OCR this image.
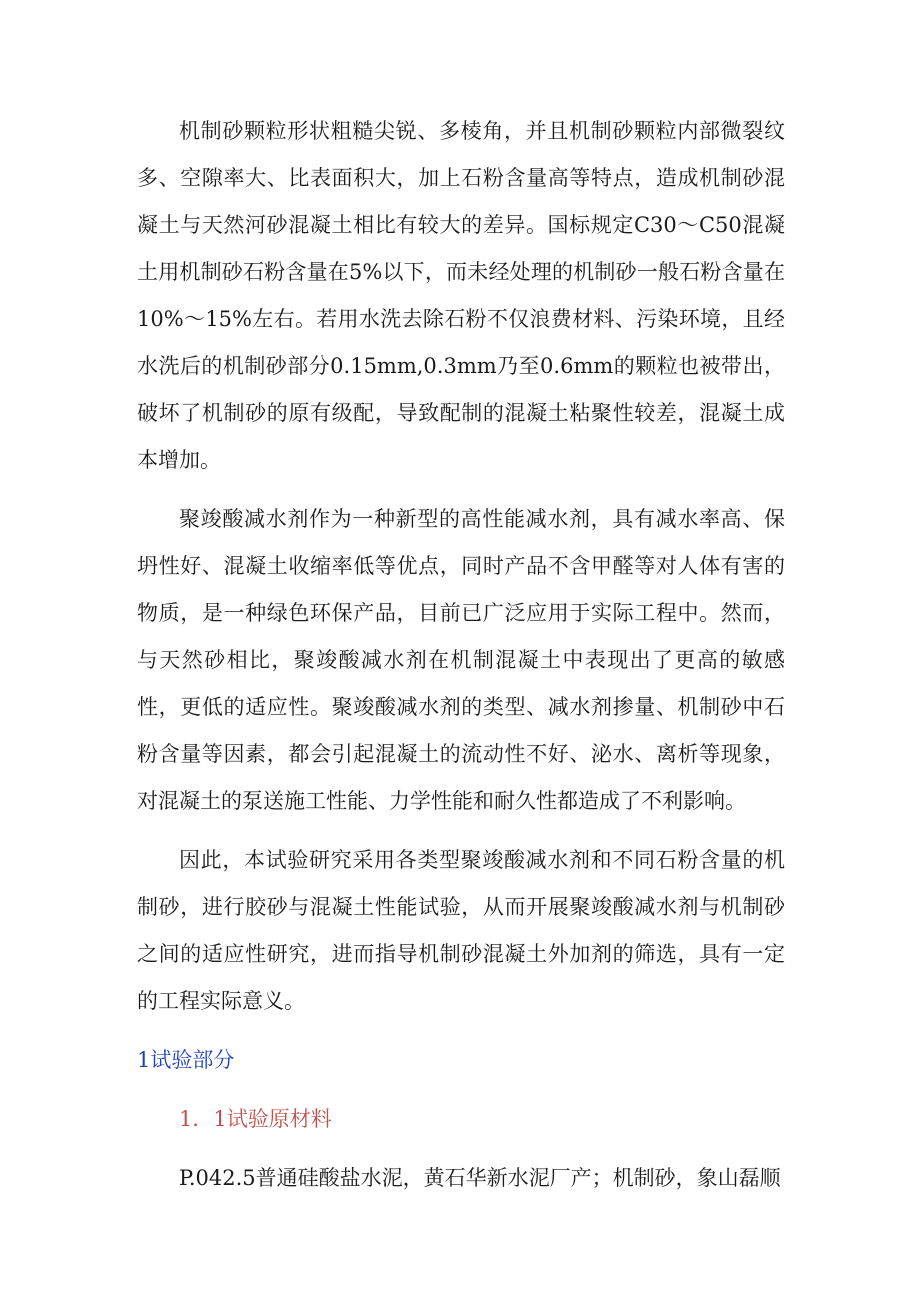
机制砂颗粒形状粗糙尖锐、多棱角，并且机制砂颗粒内部微裂纹多、空隙率大、比表面积大，加上石粉含量高等特点，造成机制砂混凝土与天然河砂混凝土相比有较大的差异。国标规定C30～C50混凝土用机制砂石粉含量在5%以下，而未经处理的机制砂一般石粉含量在10%～15%左右。若用水洗去除石粉不仅浪费材料、污染环境，且经水洗后的机制砂部分0.15mm,0.3mm乃至0.6mm的颗粒也被带出，破坏了机制砂的原有级配，导致配制的混凝土粘聚性较差，混凝土成本增加。

聚竣酸减水剂作为一种新型的高性能减水剂，具有减水率高、保坍性好、混凝土收缩率低等优点，同时产品不含甲醛等对人体有害的物质，是一种绿色环保产品，目前已广泛应用于实际工程中。然而，与天然砂相比，聚竣酸减水剂在机制混凝土中表现出了更高的敏感性，更低的适应性。聚竣酸减水剂的类型、减水剂掺量、机制砂中石粉含量等因素，都会引起混凝土的流动性不好、泌水、离析等现象，对混凝土的泵送施工性能、力学性能和耐久性都造成了不利影响。

因此，本试验研究采用各类型聚竣酸减水剂和不同石粉含量的机制砂，进行胶砂与混凝土性能试验，从而开展聚竣酸减水剂与机制砂之间的适应性研究，进而指导机制砂混凝土外加剂的筛选，具有一定的工程实际意义。

1试验部分
1．1试验原材料

P.042.5普通硅酸盐水泥，黄石华新水泥厂产；机制砂，象山磊顺
